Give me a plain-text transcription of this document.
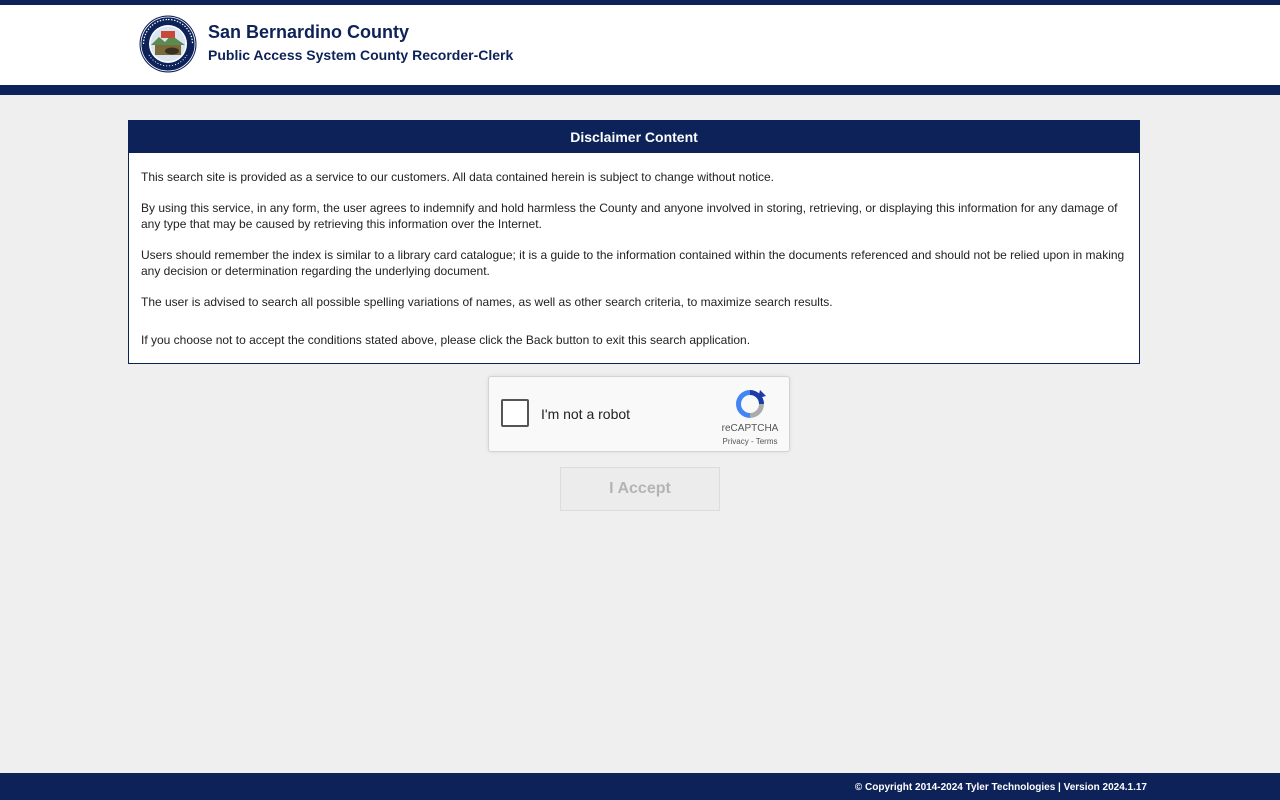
San Bernardino County
Public Access System County Recorder-Clerk
Disclaimer Content

This search site is provided as a service to our customers. All data contained herein is subject to change without notice.

By using this service, in any form, the user agrees to indemnify and hold harmless the County and anyone involved in storing, retrieving, or displaying this information for any damage of any type that may be caused by retrieving this information over the Internet.

Users should remember the index is similar to a library card catalogue; it is a guide to the information contained within the documents referenced and should not be relied upon in making any decision or determination regarding the underlying document.

The user is advised to search all possible spelling variations of names, as well as other search criteria, to maximize search results.

If you choose not to accept the conditions stated above, please click the Back button to exit this search application.

I'm not a robot
reCAPTCHA
Privacy - Terms
I Accept
© Copyright 2014-2024 Tyler Technologies | Version 2024.1.17
